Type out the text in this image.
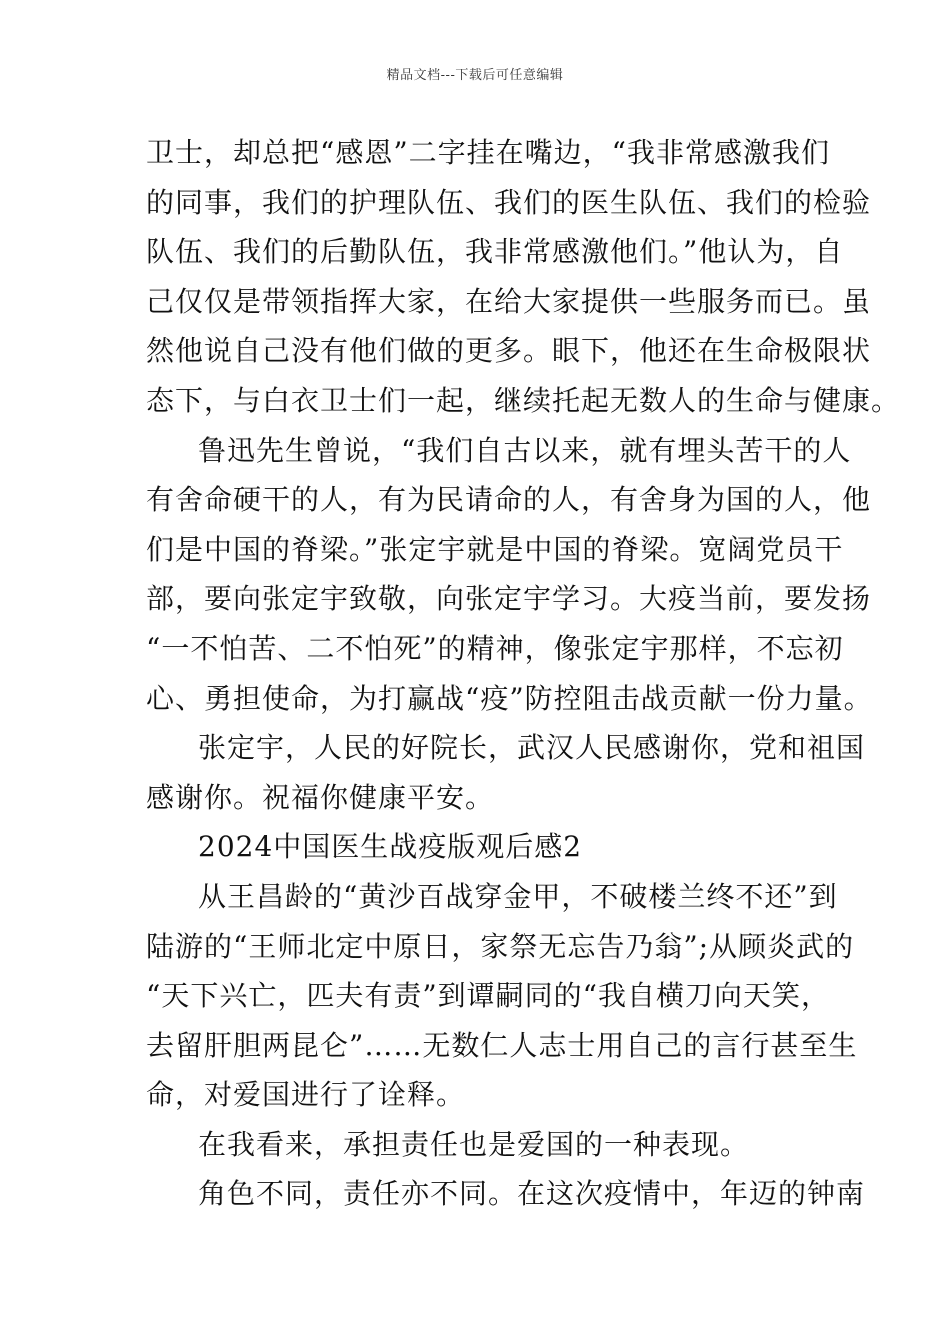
精品文档---下载后可任意编辑
卫士，却总把“感恩”二字挂在嘴边，“我非常感激我们
的同事，我们的护理队伍、我们的医生队伍、我们的检验
队伍、我们的后勤队伍，我非常感激他们。”他认为，自
己仅仅是带领指挥大家，在给大家提供一些服务而已。虽
然他说自己没有他们做的更多。眼下，他还在生命极限状
态下，与白衣卫士们一起，继续托起无数人的生命与健康。
鲁迅先生曾说，“我们自古以来，就有埋头苦干的人
有舍命硬干的人，有为民请命的人，有舍身为国的人，他
们是中国的脊梁。”张定宇就是中国的脊梁。宽阔党员干
部，要向张定宇致敬，向张定宇学习。大疫当前，要发扬
“一不怕苦、二不怕死”的精神，像张定宇那样，不忘初
心、勇担使命，为打赢战“疫”防控阻击战贡献一份力量。
张定宇，人民的好院长，武汉人民感谢你，党和祖国
感谢你。祝福你健康平安。
2024中国医生战疫版观后感2
从王昌龄的“黄沙百战穿金甲，不破楼兰终不还”到
陆游的“王师北定中原日，家祭无忘告乃翁”;从顾炎武的
“天下兴亡，匹夫有责”到谭嗣同的“我自横刀向天笑，
去留肝胆两昆仑”……无数仁人志士用自己的言行甚至生
命，对爱国进行了诠释。
在我看来，承担责任也是爱国的一种表现。
角色不同，责任亦不同。在这次疫情中，年迈的钟南
